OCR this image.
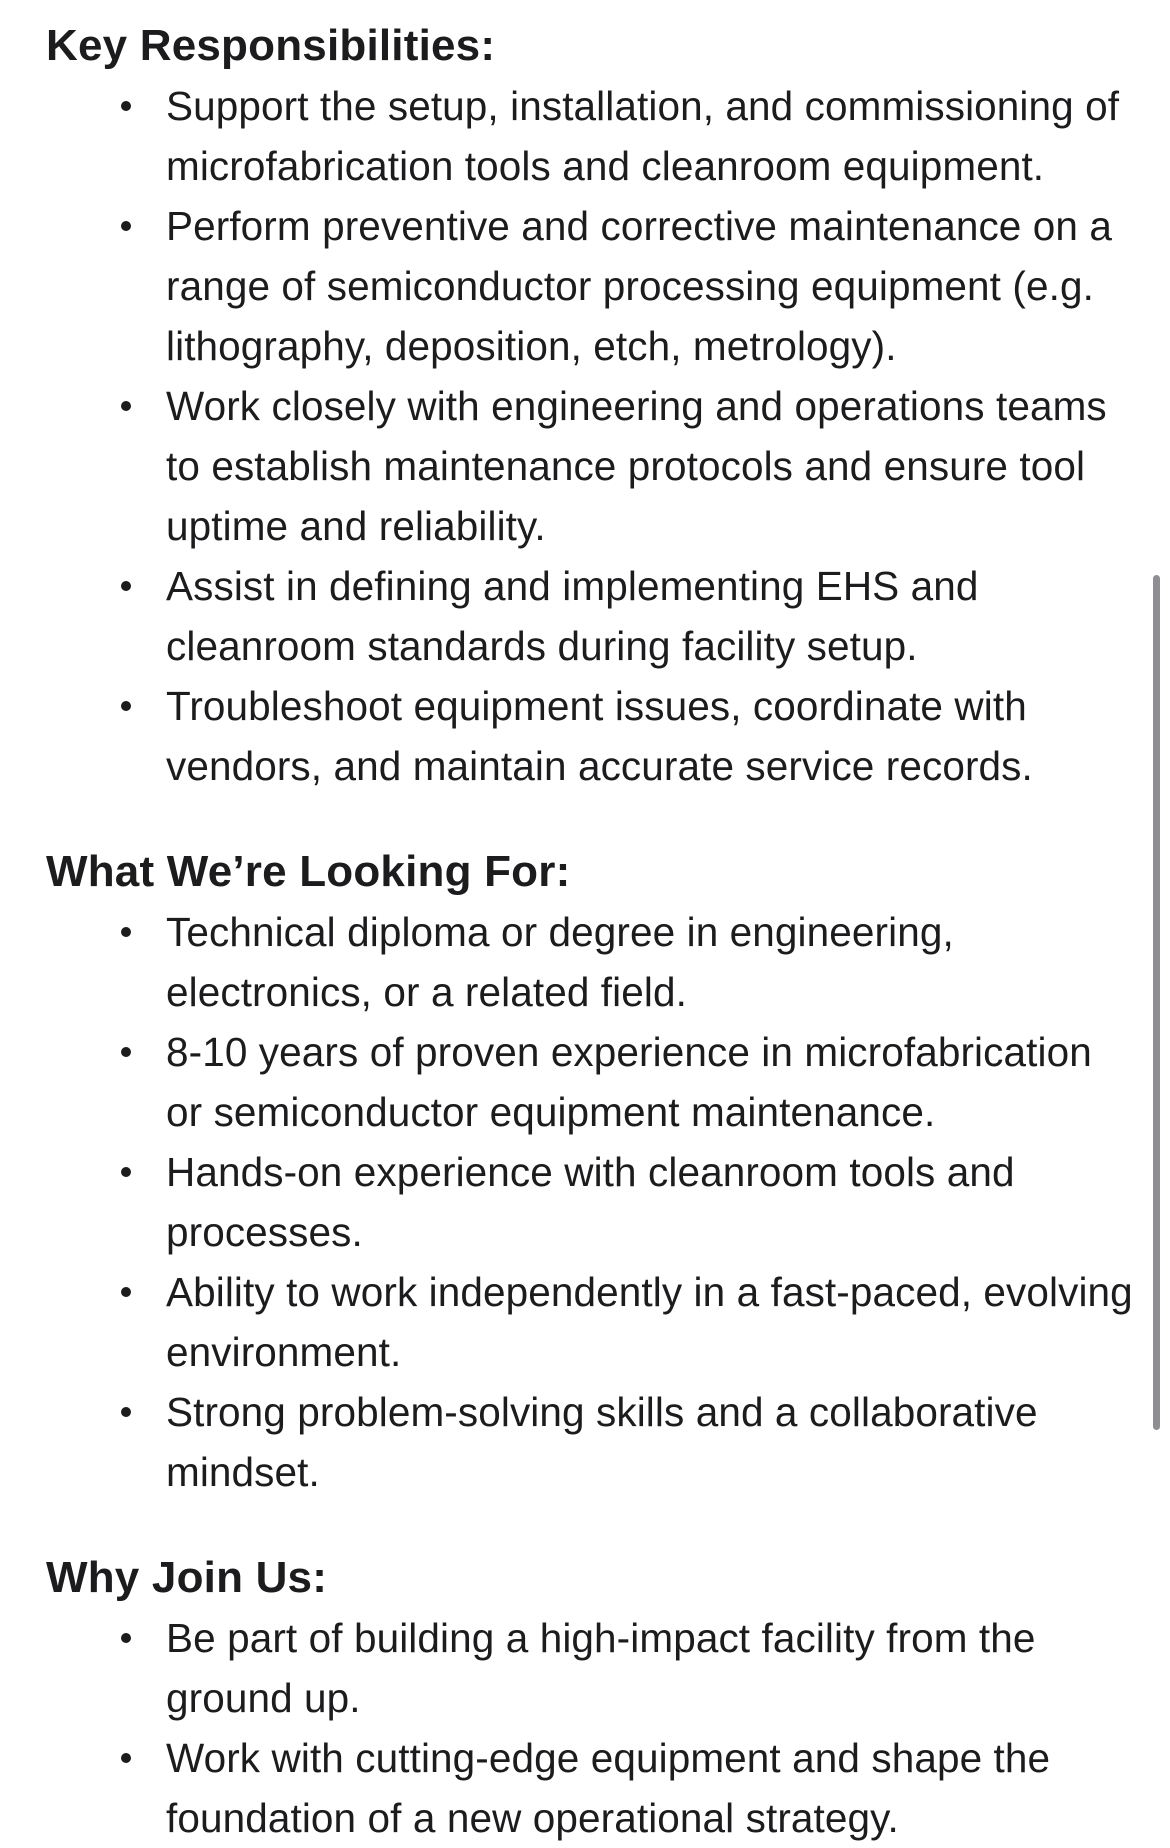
Key Responsibilities:
Support the setup, installation, and commissioning of microfabrication tools and cleanroom equipment.
Perform preventive and corrective maintenance on a range of semiconductor processing equipment (e.g. lithography, deposition, etch, metrology).
Work closely with engineering and operations teams to establish maintenance protocols and ensure tool uptime and reliability.
Assist in defining and implementing EHS and cleanroom standards during facility setup.
Troubleshoot equipment issues, coordinate with vendors, and maintain accurate service records.
What We’re Looking For:
Technical diploma or degree in engineering, electronics, or a related field.
8-10 years of proven experience in microfabrication or semiconductor equipment maintenance.
Hands-on experience with cleanroom tools and processes.
Ability to work independently in a fast-paced, evolving environment.
Strong problem-solving skills and a collaborative mindset.
Why Join Us:
Be part of building a high-impact facility from the ground up.
Work with cutting-edge equipment and shape the foundation of a new operational strategy.
